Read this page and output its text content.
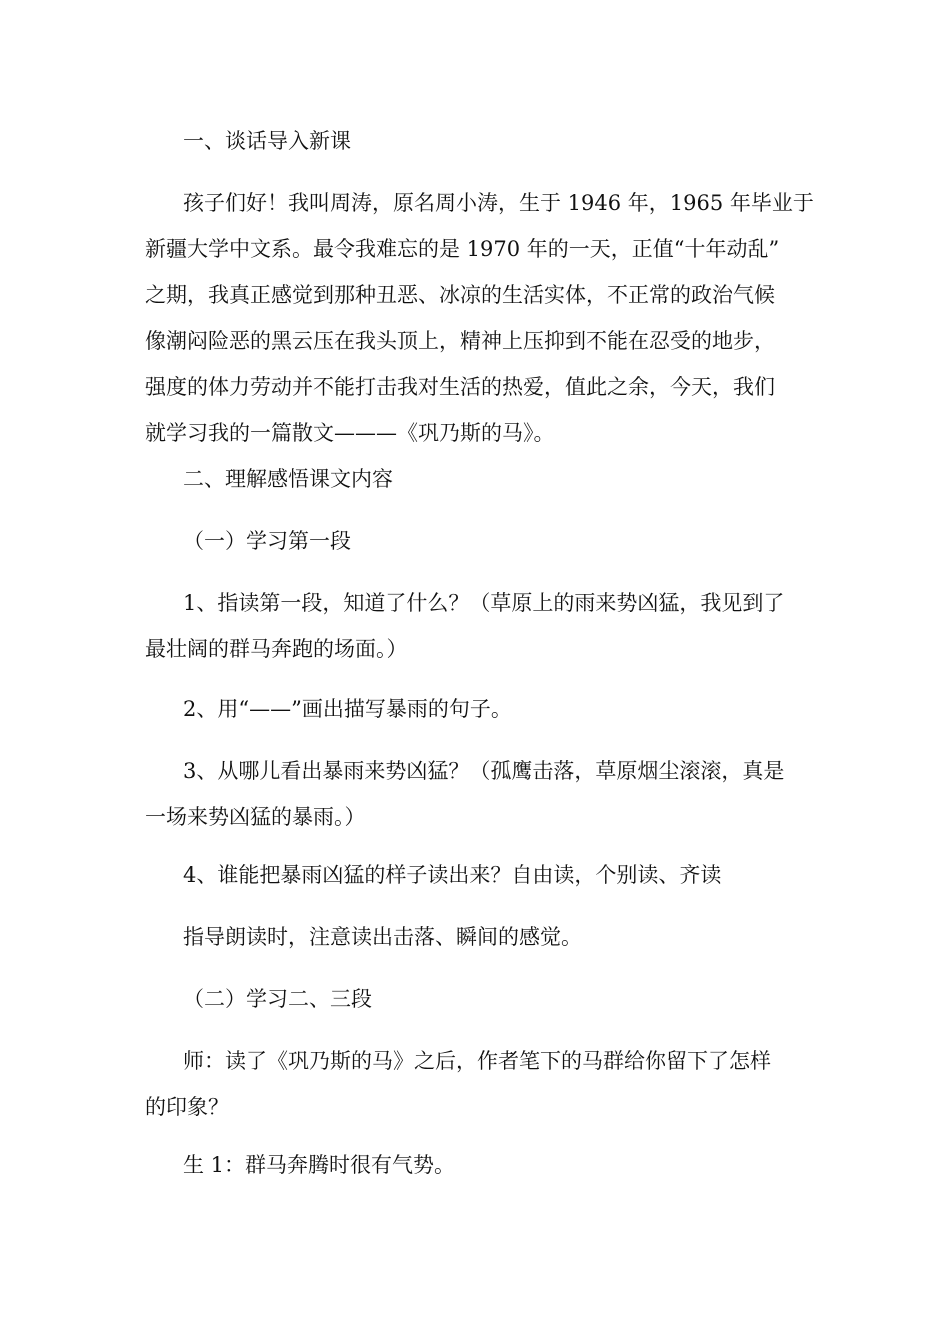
一、谈话导入新课

孩子们好！我叫周涛，原名周小涛，生于 1946 年，1965 年毕业于
新疆大学中文系。最令我难忘的是 1970 年的一天，正值“十年动乱”
之期，我真正感觉到那种丑恶、冰凉的生活实体，不正常的政治气候
像潮闷险恶的黑云压在我头顶上，精神上压抑到不能在忍受的地步，
强度的体力劳动并不能打击我对生活的热爱，值此之余，今天，我们
就学习我的一篇散文———《巩乃斯的马》。

二、理解感悟课文内容

（一）学习第一段

1、指读第一段，知道了什么？（草原上的雨来势凶猛，我见到了
最壮阔的群马奔跑的场面。）

2、用“——”画出描写暴雨的句子。

3、从哪儿看出暴雨来势凶猛？（孤鹰击落，草原烟尘滚滚，真是
一场来势凶猛的暴雨。）

4、谁能把暴雨凶猛的样子读出来？自由读，个别读、齐读

指导朗读时，注意读出击落、瞬间的感觉。

（二）学习二、三段

师：读了《巩乃斯的马》之后，作者笔下的马群给你留下了怎样
的印象？

生 1：群马奔腾时很有气势。
